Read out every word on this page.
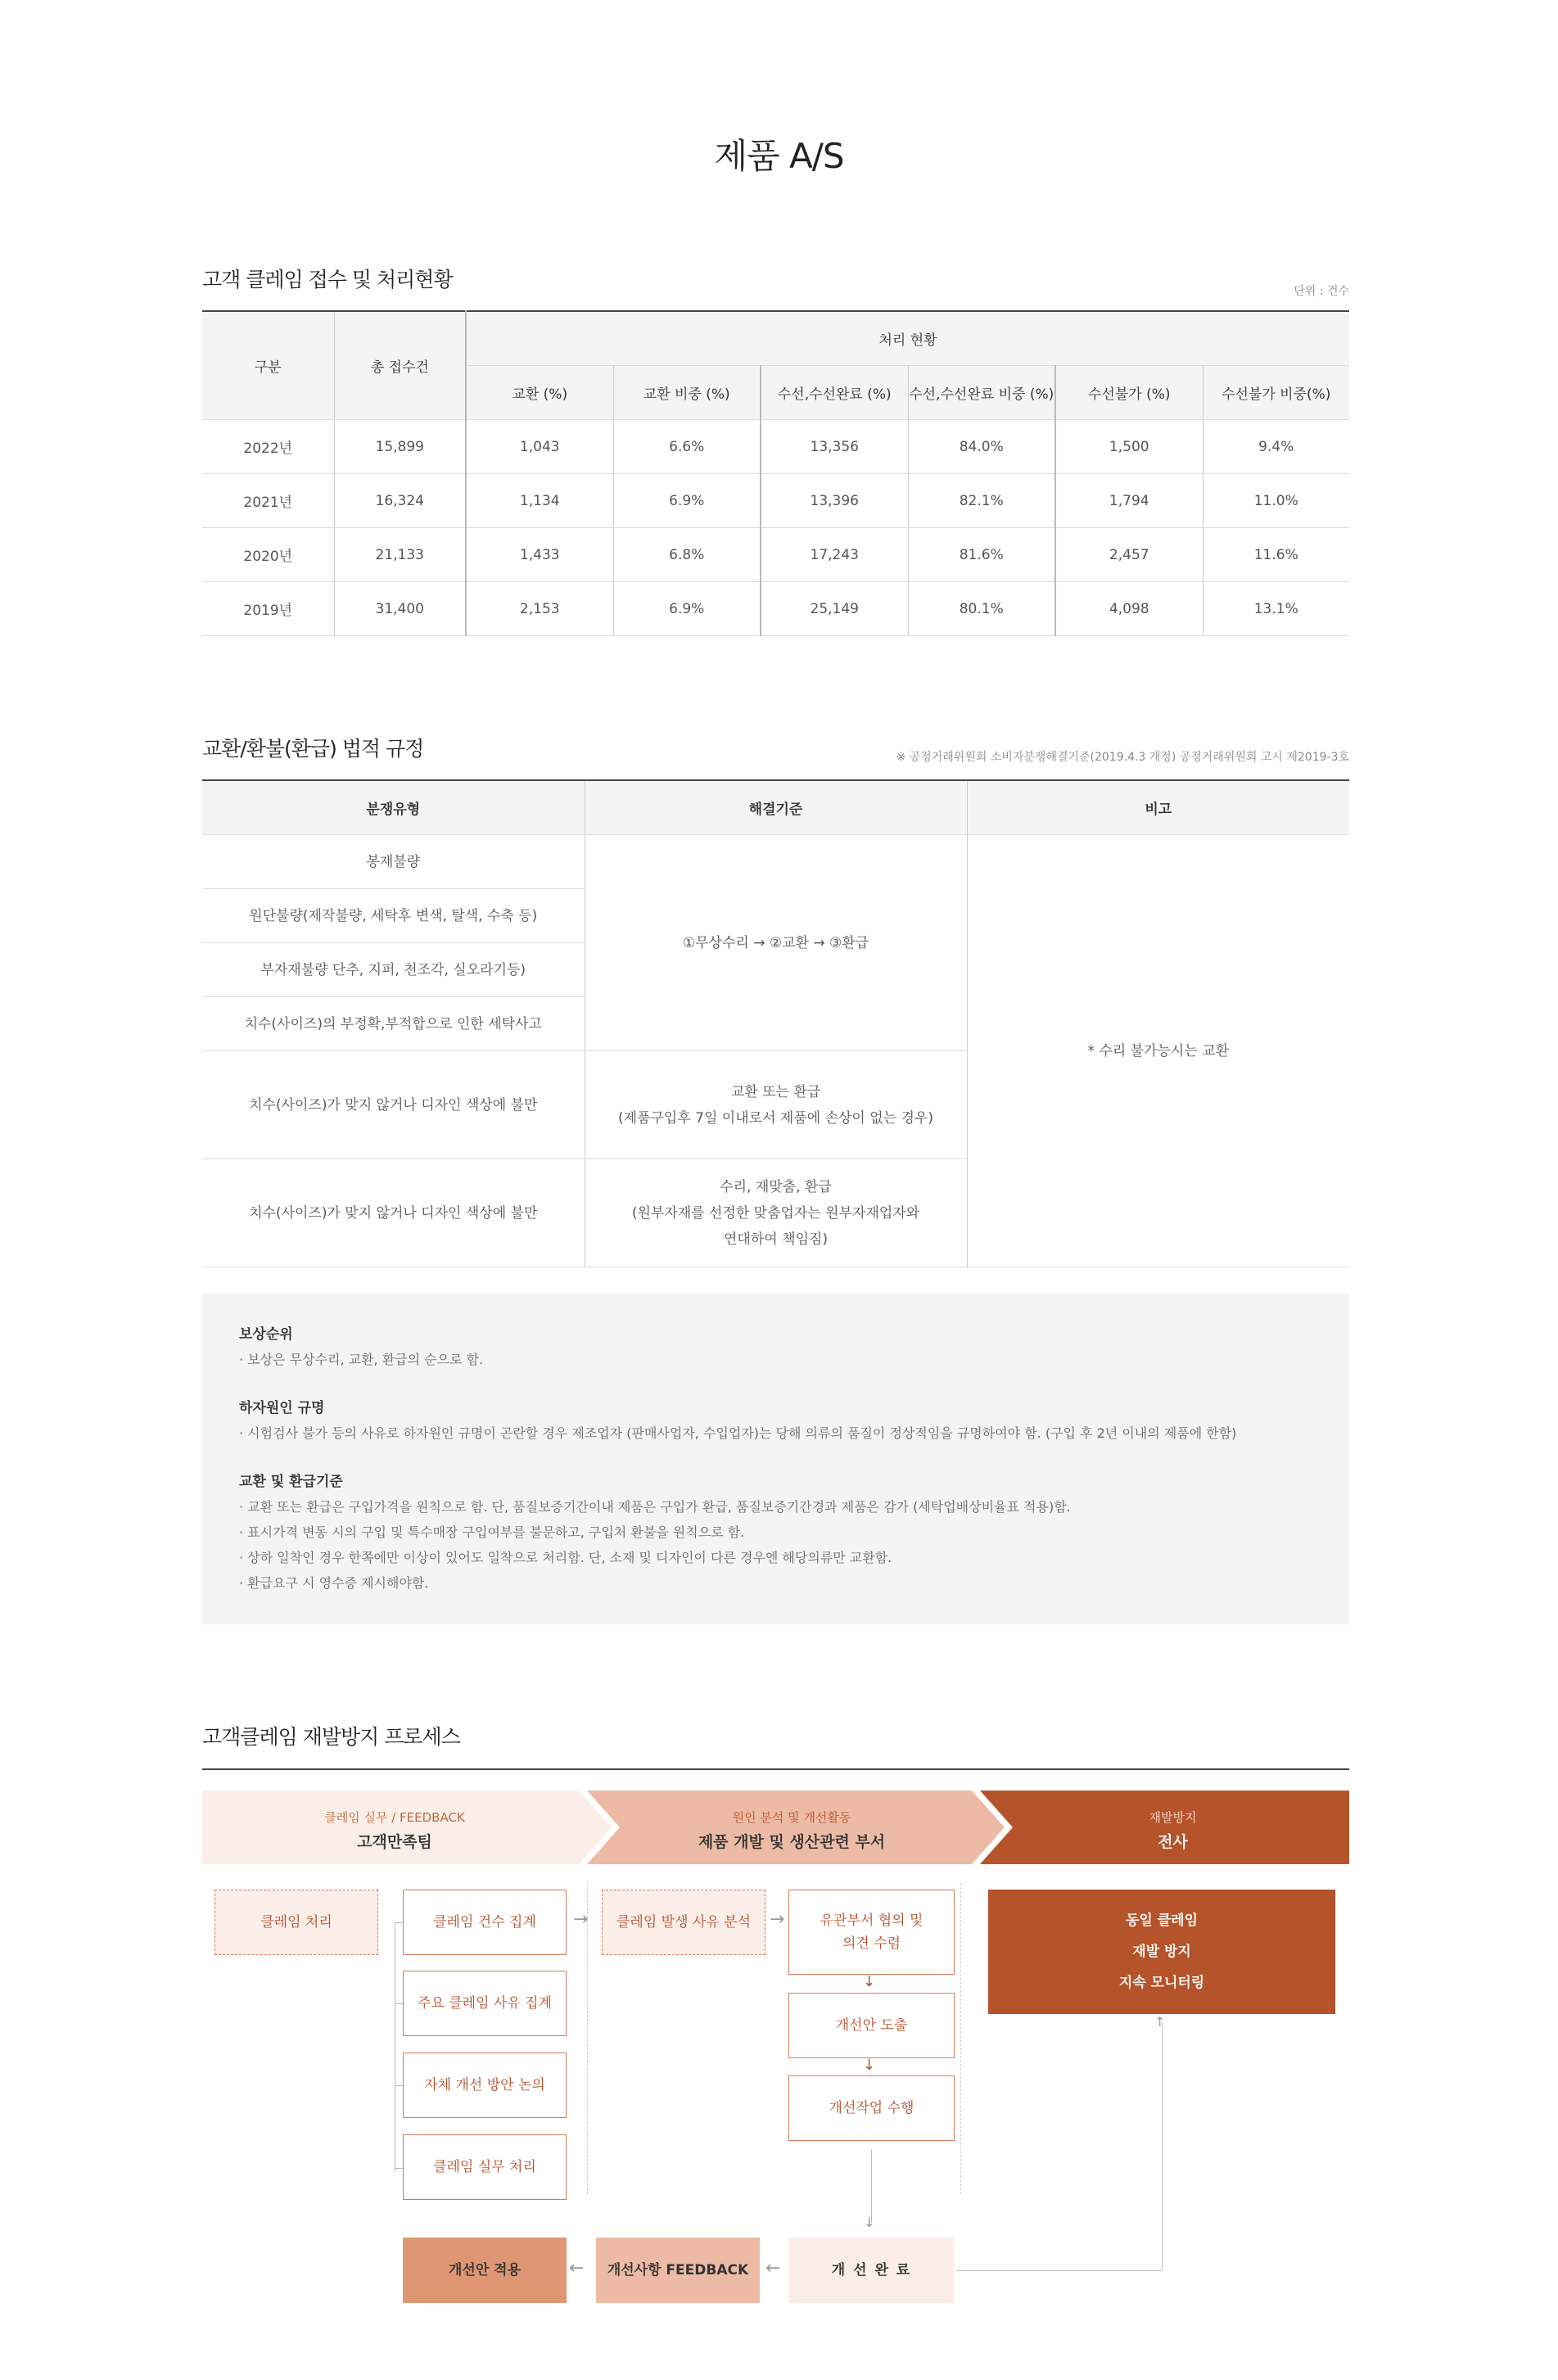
제품 A/S
고객 클레임 접수 및 처리현황	단위 : 건수
구분	총 접수건	처리 현황					
		교환 (%)	교환 비중 (%)	수선,수선완료 (%)	수선,수선완료 비중 (%)	수선불가 (%)	수선불가 비중(%)
2022년	15,899	1,043	6.6%	13,356	84.0%	1,500	9.4%
2021년	16,324	1,134	6.9%	13,396	82.1%	1,794	11.0%
2020년	21,133	1,433	6.8%	17,243	81.6%	2,457	11.6%
2019년	31,400	2,153	6.9%	25,149	80.1%	4,098	13.1%
교환/환불(환급) 법적 규정	※ 공정거래위원회 소비자분쟁해결기준(2019.4.3 개정) 공정거래위원회 고시 제2019-3호
분쟁유형	해결기준	비고
봉재불량	①무상수리 → ②교환 → ③환급	* 수리 불가능시는 교환
원단불량(제작불량, 세탁후 변색, 탈색, 수축 등)		
부자재불량 단추, 지퍼, 천조각, 실오라기등)		
치수(사이즈)의 부정확,부적합으로 인한 세탁사고		
치수(사이즈)가 맞지 않거나 디자인 색상에 불만	교환 또는 환급
(제품구입후 7일 이내로서 제품에 손상이 없는 경우)	

치수(사이즈)가 맞지 않거나 디자인 색상에 불만	수리, 재맞춤, 환급
(원부자재를 선정한 맞춤업자는 원부자재업자와
연대하여 책임짐)	
보상순위
· 보상은 무상수리, 교환, 환급의 순으로 함.
하자원인 규명
· 시험검사 불가 등의 사유로 하자원인 규명이 곤란할 경우 제조업자 (판매사업자, 수입업자)는 당해 의류의 품질이 정상적임을 규명하여야 함. (구입 후 2년 이내의 제품에 한함)
교환 및 환급기준
· 교환 또는 환급은 구입가격을 원칙으로 함. 단, 품질보증기간이내 제품은 구입가 환급, 품질보증기간경과 제품은 감가 (세탁업배상비율표 적용)함.
· 표시가격 변동 시의 구입 및 특수매장 구입여부를 불문하고, 구입처 환불을 원칙으로 함.
· 상하 일착인 경우 한쪽에만 이상이 있어도 일착으로 처리함. 단, 소재 및 디자인이 다른 경우엔 해당의류만 교환함.
· 환급요구 시 영수증 제시해야함.
고객클레임 재발방지 프로세스
클레임 실무 / FEEDBACK
고객만족팀
원인 분석 및 개선활동
제품 개발 및 생산관련 부서
재발방지
전사
클레임 처리	클레임 건수 집계
주요 클레임 사유 집계
자체 개선 방안 논의
클레임 실무 처리
→	클레임 발생 사유 분석	→	유관부서 협의 및
의견 수렴
↓
개선안 도출
↓
개선작업 수행
↓
동일 클레임
재발 방지
지속 모니터링
↑
개 선 완 료
←
개선사항 FEEDBACK
←
개선안 적용
